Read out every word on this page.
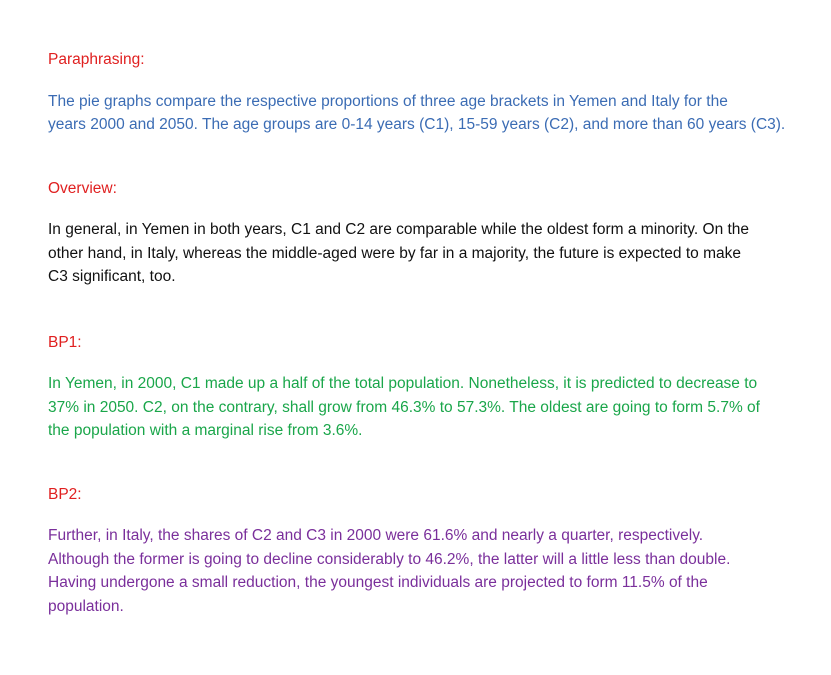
Paraphrasing:
The pie graphs compare the respective proportions of three age brackets in Yemen and Italy for the
years 2000 and 2050. The age groups are 0-14 years (C1), 15-59 years (C2), and more than 60 years (C3).
Overview:
In general, in Yemen in both years, C1 and C2 are comparable while the oldest form a minority. On the
other hand, in Italy, whereas the middle-aged were by far in a majority, the future is expected to make
C3 significant, too.
BP1:
In Yemen, in 2000, C1 made up a half of the total population. Nonetheless, it is predicted to decrease to
37% in 2050. C2, on the contrary, shall grow from 46.3% to 57.3%. The oldest are going to form 5.7% of
the population with a marginal rise from 3.6%.
BP2:
Further, in Italy, the shares of C2 and C3 in 2000 were 61.6% and nearly a quarter, respectively.
Although the former is going to decline considerably to 46.2%, the latter will a little less than double.
Having undergone a small reduction, the youngest individuals are projected to form 11.5% of the
population.
